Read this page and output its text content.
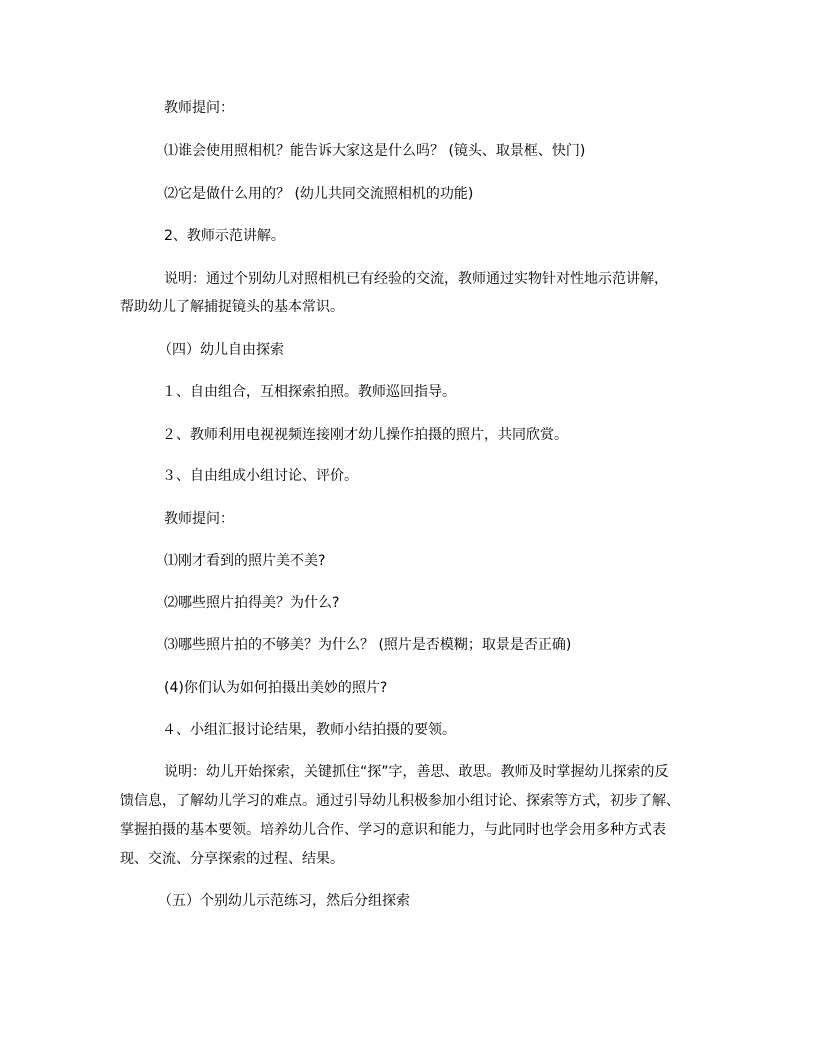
教师提问：
⑴谁会使用照相机？能告诉大家这是什么吗？ (镜头、取景框、快门)
⑵它是做什么用的？ (幼儿共同交流照相机的功能)
2、教师示范讲解。
说明：通过个别幼儿对照相机已有经验的交流，教师通过实物针对性地示范讲解，
帮助幼儿了解捕捉镜头的基本常识。
（四）幼儿自由探索
１、自由组合，互相探索拍照。教师巡回指导。
２、教师利用电视视频连接刚才幼儿操作拍摄的照片，共同欣赏。
３、自由组成小组讨论、评价。
教师提问：
⑴刚才看到的照片美不美?
⑵哪些照片拍得美？为什么?
⑶哪些照片拍的不够美？为什么？ (照片是否模糊；取景是否正确)
(4)你们认为如何拍摄出美妙的照片?
４、小组汇报讨论结果，教师小结拍摄的要领。
说明：幼儿开始探索，关键抓住“探”字，善思、敢思。教师及时掌握幼儿探索的反
馈信息，了解幼儿学习的难点。通过引导幼儿积极参加小组讨论、探索等方式，初步了解、
掌握拍摄的基本要领。培养幼儿合作、学习的意识和能力，与此同时也学会用多种方式表
现、交流、分享探索的过程、结果。
（五）个别幼儿示范练习，然后分组探索
